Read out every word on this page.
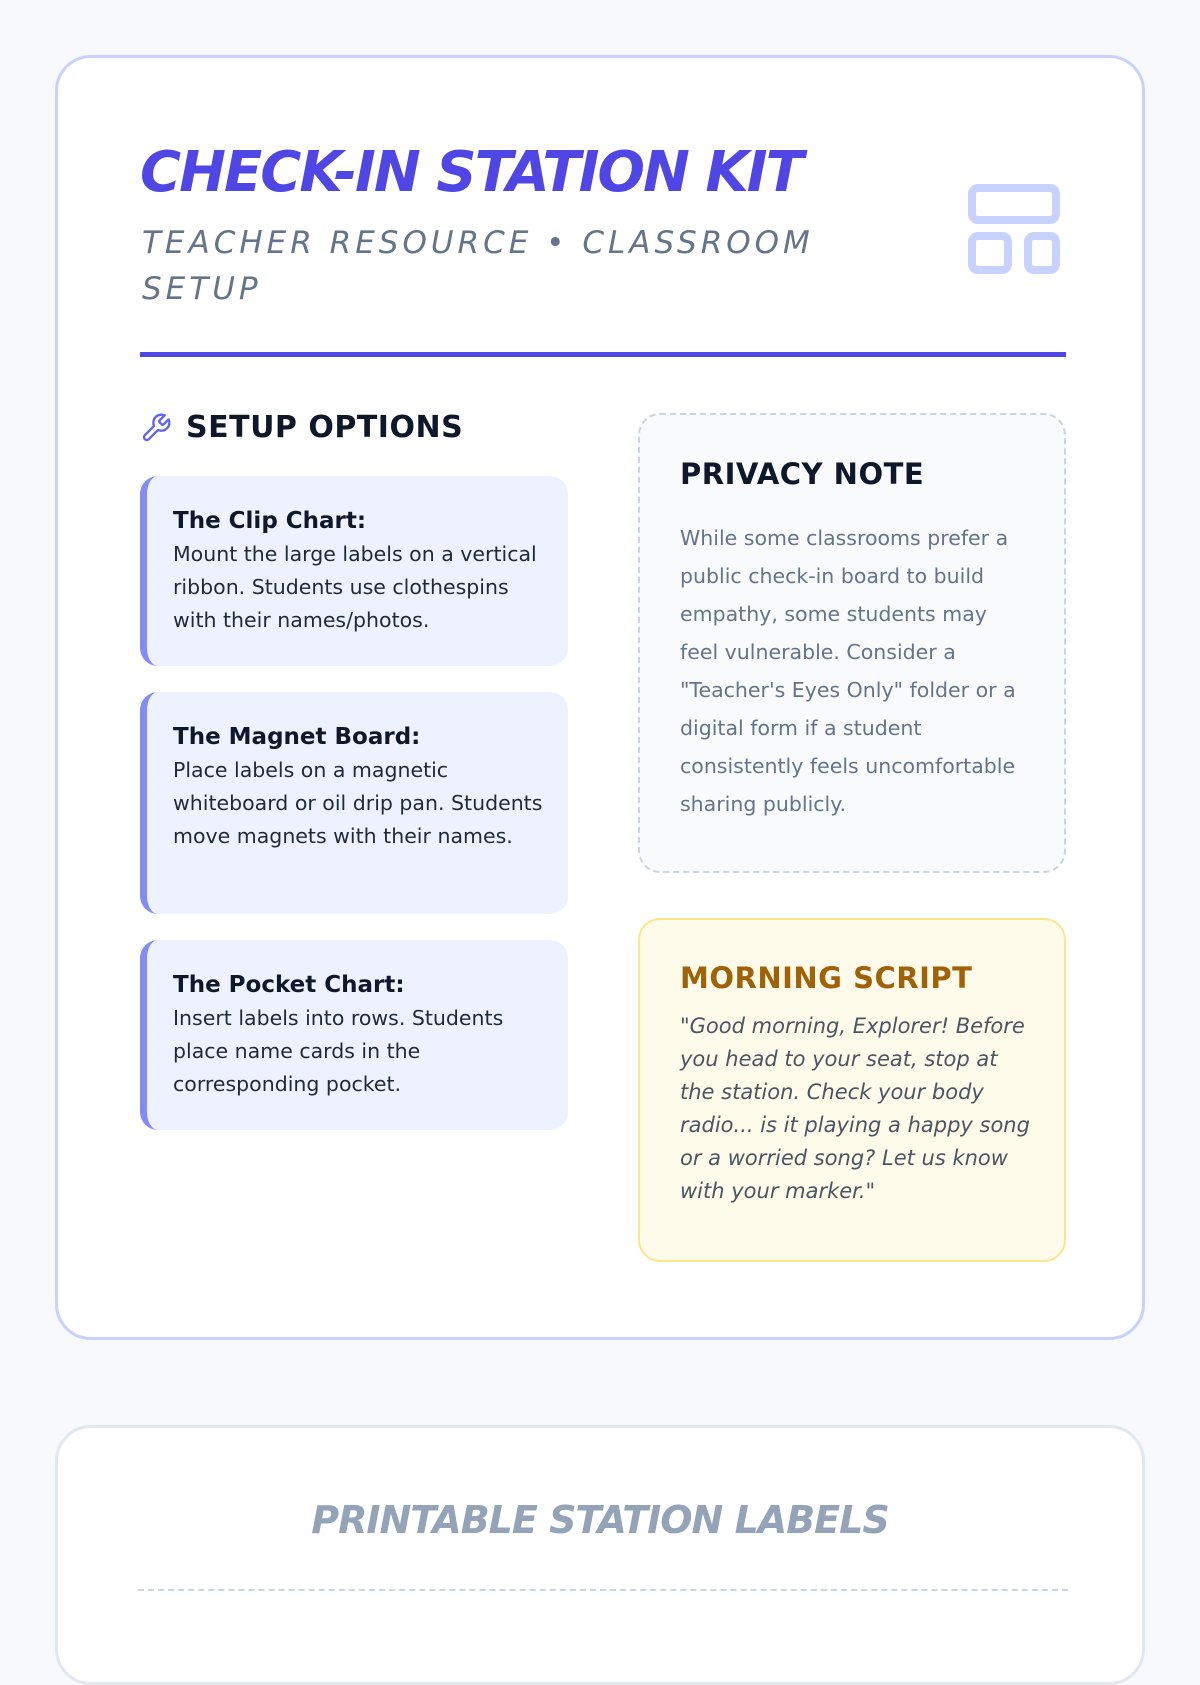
CHECK-IN STATION KIT

TEACHER RESOURCE • CLASSROOM SETUP

SETUP OPTIONS

The Clip Chart:

Mount the large labels on a vertical ribbon. Students use clothespins with their names/photos.

The Magnet Board:

Place labels on a magnetic whiteboard or oil drip pan. Students move magnets with their names.

The Pocket Chart:

Insert labels into rows. Students place name cards in the corresponding pocket.

PRIVACY NOTE

While some classrooms prefer a public check-in board to build empathy, some students may feel vulnerable. Consider a "Teacher's Eyes Only" folder or a digital form if a student consistently feels uncomfortable sharing publicly.

MORNING SCRIPT

"Good morning, Explorer! Before you head to your seat, stop at the station. Check your body radio... is it playing a happy song or a worried song? Let us know with your marker."

PRINTABLE STATION LABELS
